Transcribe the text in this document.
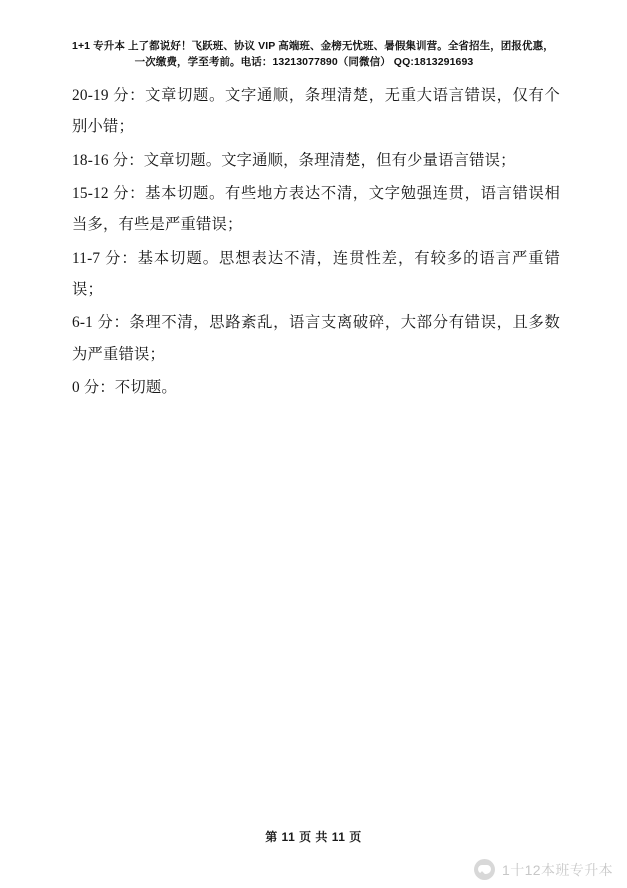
1+1 专升本 上了都说好！飞跃班、协议 VIP 高端班、金榜无忧班、暑假集训营。全省招生，团报优惠，
一次缴费，学至考前。电话：13213077890（同微信） QQ:1813291693

20-19 分：文章切题。文字通顺，条理清楚，无重大语言错误，仅有个别小错；

18-16 分：文章切题。文字通顺，条理清楚，但有少量语言错误；

15-12 分：基本切题。有些地方表达不清，文字勉强连贯，语言错误相当多，有些是严重错误；

11-7 分：基本切题。思想表达不清，连贯性差，有较多的语言严重错误；

6-1 分：条理不清，思路紊乱，语言支离破碎，大部分有错误，且多数为严重错误；

0 分：不切题。

第 11 页 共 11 页
1十12本班专升本
